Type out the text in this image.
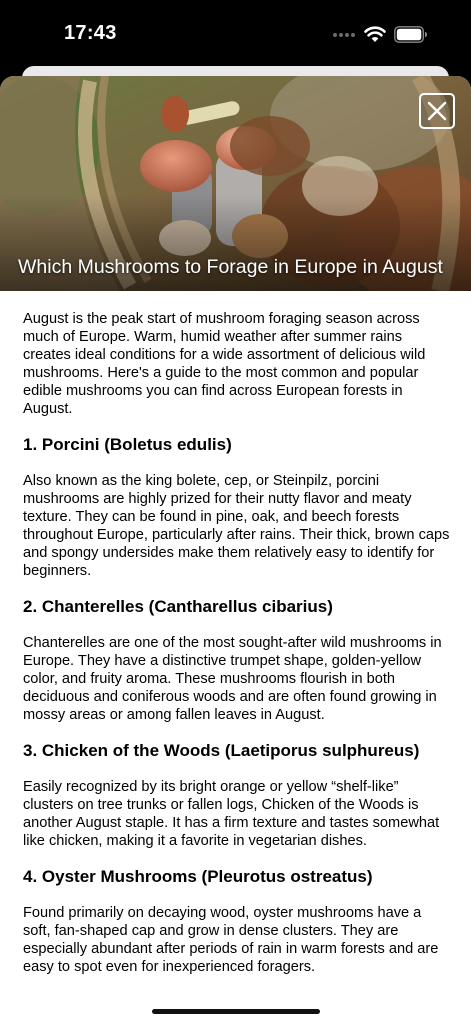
17:43
Which Mushrooms to Forage in Europe in August

August is the peak start of mushroom foraging season across much of Europe. Warm, humid weather after summer rains creates ideal conditions for a wide assortment of delicious wild mushrooms. Here's a guide to the most common and popular edible mushrooms you can find across European forests in August.

1. Porcini (Boletus edulis)

Also known as the king bolete, cep, or Steinpilz, porcini mushrooms are highly prized for their nutty flavor and meaty texture. They can be found in pine, oak, and beech forests throughout Europe, particularly after rains. Their thick, brown caps and spongy undersides make them relatively easy to identify for beginners.

2. Chanterelles (Cantharellus cibarius)

Chanterelles are one of the most sought-after wild mushrooms in Europe. They have a distinctive trumpet shape, golden-yellow color, and fruity aroma. These mushrooms flourish in both deciduous and coniferous woods and are often found growing in mossy areas or among fallen leaves in August.

3. Chicken of the Woods (Laetiporus sulphureus)

Easily recognized by its bright orange or yellow “shelf-like” clusters on tree trunks or fallen logs, Chicken of the Woods is another August staple. It has a firm texture and tastes somewhat like chicken, making it a favorite in vegetarian dishes.

4. Oyster Mushrooms (Pleurotus ostreatus)

Found primarily on decaying wood, oyster mushrooms have a soft, fan-shaped cap and grow in dense clusters. They are especially abundant after periods of rain in warm forests and are easy to spot even for inexperienced foragers.
